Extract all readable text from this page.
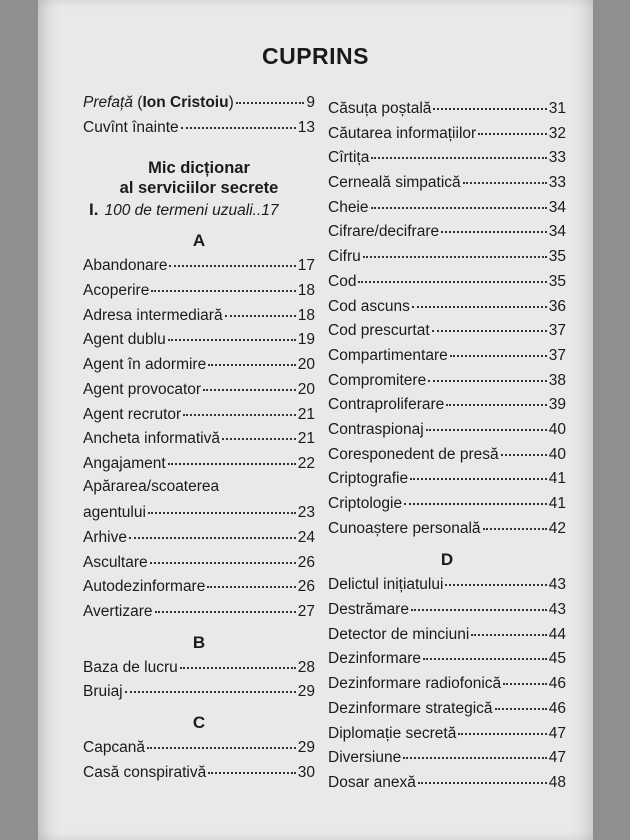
CUPRINS
Prefață (Ion Cristoiu)	9
Cuvînt înainte	13
Mic dicționar
al serviciilor secrete
I. 100 de termeni uzuali..17
A
Abandonare	17
Acoperire	18
Adresa intermediară	18
Agent dublu	19
Agent în adormire	20
Agent provocator	20
Agent recrutor	21
Ancheta informativă	21
Angajament	22
Apărarea/scoaterea
agentului	23
Arhive	24
Ascultare	26
Autodezinformare	26
Avertizare	27
B
Baza de lucru	28
Bruiaj	29
C
Capcană	29
Casă conspirativă	30
Căsuța poștală	31
Căutarea informațiilor	32
Cîrtița	33
Cerneală simpatică	33
Cheie	34
Cifrare/decifrare	34
Cifru	35
Cod	35
Cod ascuns	36
Cod prescurtat	37
Compartimentare	37
Compromitere	38
Contraproliferare	39
Contraspionaj	40
Coresponedent de presă	40
Criptografie	41
Criptologie	41
Cunoaștere personală	42
D
Delictul inițiatului	43
Destrămare	43
Detector de minciuni	44
Dezinformare	45
Dezinformare radiofonică	46
Dezinformare strategică	46
Diplomație secretă	47
Diversiune	47
Dosar anexă	48
